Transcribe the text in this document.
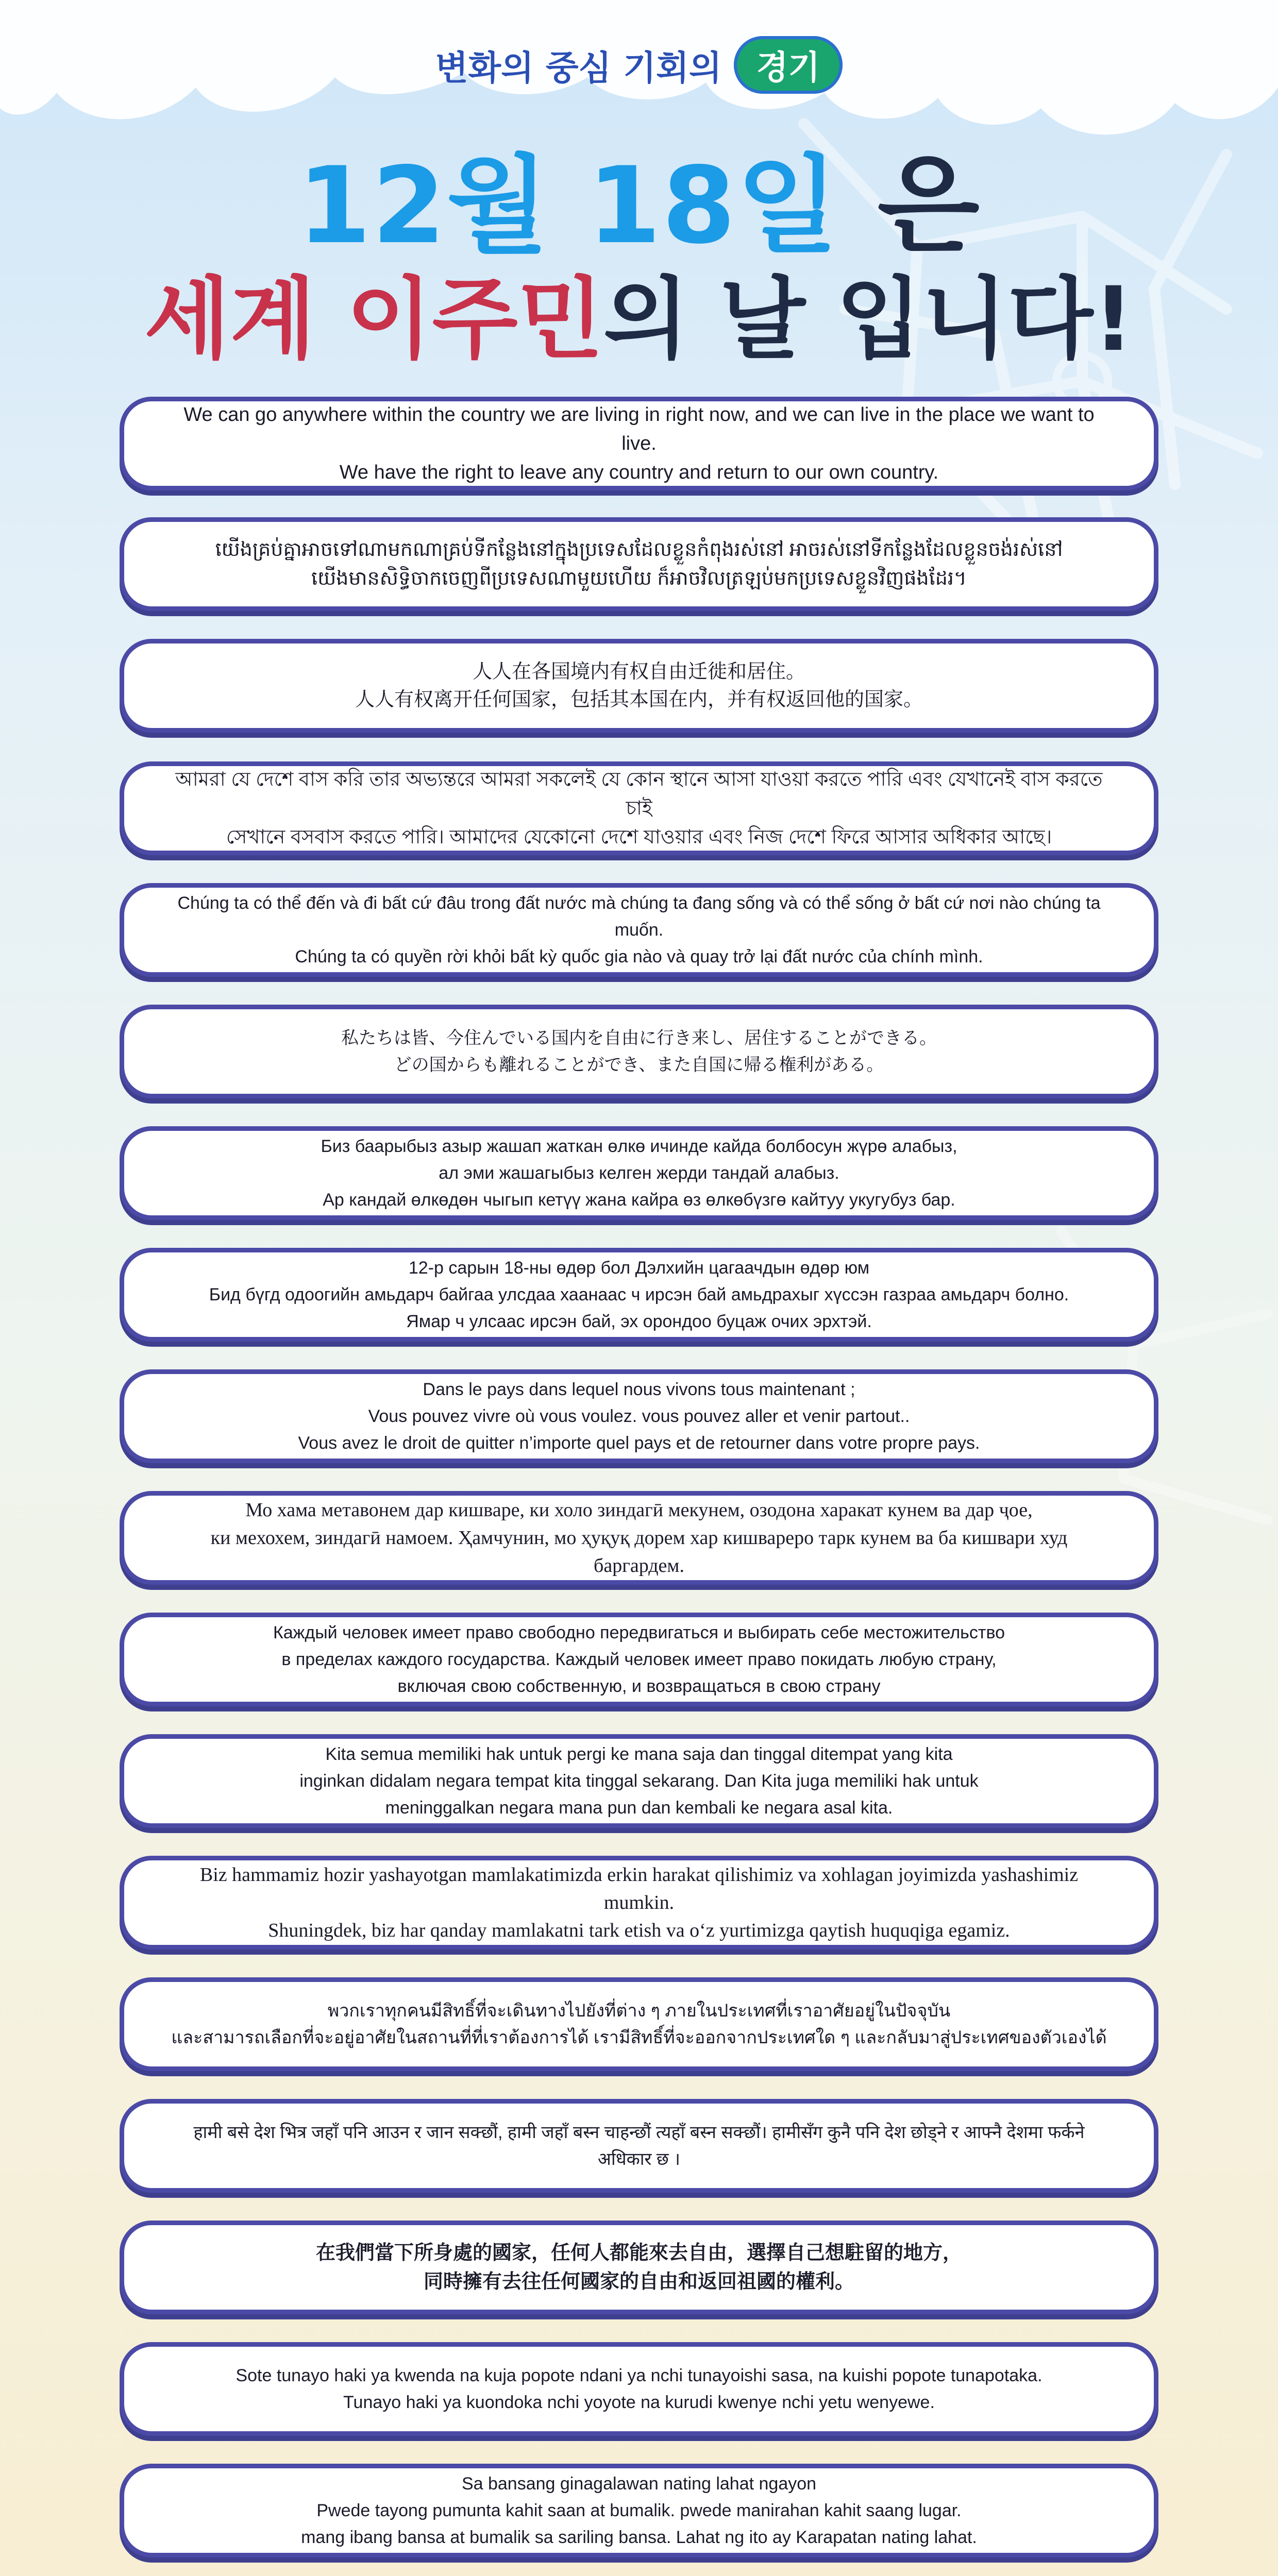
변화의 중심 기회의 경기
12월 18일 은
세계 이주민의 날 입니다!
We can go anywhere within the country we are living in right now, and we can live in the place we want to live.
We have the right to leave any country and return to our own country.
យើងគ្រប់គ្នាអាចទៅណាមកណាគ្រប់ទីកន្លែងនៅក្នុងប្រទេសដែលខ្លួនកំពុងរស់នៅ អាចរស់នៅទីកន្លែងដែលខ្លួនចង់រស់នៅ
យើងមានសិទ្ធិចាកចេញពីប្រទេសណាមួយហើយ ក៏អាចវិលត្រឡប់មកប្រទេសខ្លួនវិញផងដែរ។
人人在各国境内有权自由迁徙和居住。
人人有权离开任何国家，包括其本国在内，并有权返回他的国家。
আমরা যে দেশে বাস করি তার অভ্যন্তরে আমরা সকলেই যে কোন স্থানে আসা যাওয়া করতে পারি এবং যেখানেই বাস করতে চাই
সেখানে বসবাস করতে পারি। আমাদের যেকোনো দেশে যাওয়ার এবং নিজ দেশে ফিরে আসার অধিকার আছে।
Chúng ta có thể đến và đi bất cứ đâu trong đất nước mà chúng ta đang sống và có thể sống ở bất cứ nơi nào chúng ta muốn.
Chúng ta có quyền rời khỏi bất kỳ quốc gia nào và quay trở lại đất nước của chính mình.
私たちは皆、今住んでいる国内を自由に行き来し、居住することができる。
どの国からも離れることができ、また自国に帰る権利がある。
Биз баарыбыз азыр жашап жаткан өлкө ичинде кайда болбосун жүрө алабыз,
ал эми жашагыбыз келген жерди тандай алабыз.
Ар кандай өлкөдөн чыгып кетүү жана кайра өз өлкөбүзгө кайтуу укугубуз бар.
12-р сарын 18-ны өдөр бол Дэлхийн цагаачдын өдөр юм
Бид бүгд одоогийн амьдарч байгаа улсдаа хаанаас ч ирсэн бай амьдрахыг хүссэн газраа амьдарч болно.
Ямар ч улсаас ирсэн бай, эх орондоо буцаж очих эрхтэй.
Dans le pays dans lequel nous vivons tous maintenant ;
Vous pouvez vivre où vous voulez. vous pouvez aller et venir partout..
Vous avez le droit de quitter n’importe quel pays et de retourner dans votre propre pays.
Мо хама метавонем дар кишваре, ки холо зиндагӣ мекунем, озодона харакат кунем ва дар ҷое,
ки мехохем, зиндагӣ намоем. Ҳамчунин, мо ҳуқуқ дорем хар кишвареро тарк кунем ва ба кишвари худ баргардем.
Каждый человек имеет право свободно передвигаться и выбирать себе местожительство
в пределах каждого государства. Каждый человек имеет право покидать любую страну,
включая свою собственную, и возвращаться в свою страну
Kita semua memiliki hak untuk pergi ke mana saja dan tinggal ditempat yang kita
inginkan didalam negara tempat kita tinggal sekarang. Dan Kita juga memiliki hak untuk
meninggalkan negara mana pun dan kembali ke negara asal kita.
Biz hammamiz hozir yashayotgan mamlakatimizda erkin harakat qilishimiz va xohlagan joyimizda yashashimiz mumkin.
Shuningdek, biz har qanday mamlakatni tark etish va o‘z yurtimizga qaytish huquqiga egamiz.
พวกเราทุกคนมีสิทธิ์ที่จะเดินทางไปยังที่ต่าง ๆ ภายในประเทศที่เราอาศัยอยู่ในปัจจุบัน
และสามารถเลือกที่จะอยู่อาศัยในสถานที่ที่เราต้องการได้ เรามีสิทธิ์ที่จะออกจากประเทศใด ๆ และกลับมาสู่ประเทศของตัวเองได้
हामी बसे देश भित्र जहाँ पनि आउन र जान सक्छौं, हामी जहाँ बस्न चाहन्छौं त्यहाँ बस्न सक्छौं। हामीसँग कुनै पनि देश छोड्ने र आफ्नै देशमा फर्कने अधिकार छ ।
在我們當下所身處的國家，任何人都能來去自由，選擇自己想駐留的地方，
同時擁有去往任何國家的自由和返回祖國的權利。
Sote tunayo haki ya kwenda na kuja popote ndani ya nchi tunayoishi sasa, na kuishi popote tunapotaka.
Tunayo haki ya kuondoka nchi yoyote na kurudi kwenye nchi yetu wenyewe.
Sa bansang ginagalawan nating lahat ngayon
Pwede tayong pumunta kahit saan at bumalik. pwede manirahan kahit saang lugar.
mang ibang bansa at bumalik sa sariling bansa. Lahat ng ito ay Karapatan nating lahat.
